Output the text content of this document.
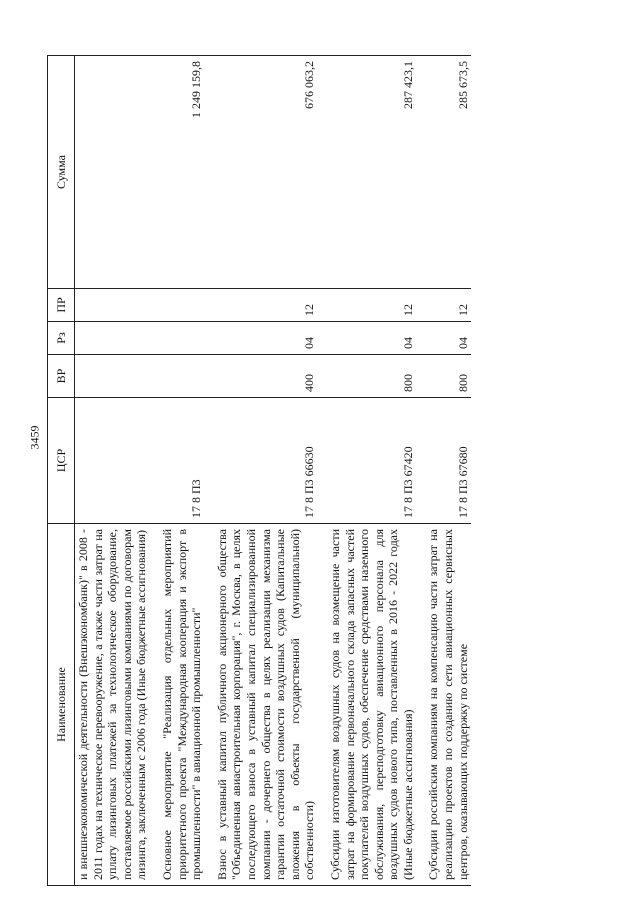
3459
Наименование	ЦСР	ВР	Рз	ПР	Сумма
и внешнеэкономической деятельности (Внешэкономбанк)" в 2008 - 2011 годах на техническое перевооружение, а также части затрат на уплату лизинговых платежей за технологическое оборудование, поставляемое российскими лизинговыми компаниями по договорам лизинга, заключенным с 2006 года (Иные бюджетные ассигнования)					

Основное мероприятие "Реализация отдельных мероприятий приоритетного проекта "Международная кооперация и экспорт в промышленности" в авиационной промышленности"	17 8 П3				1 249 159,8

Взнос в уставный капитал публичного акционерного общества "Объединенная авиастроительная корпорация", г. Москва, в целях последующего взноса в уставный капитал специализированной компании - дочернего общества в целях реализации механизма гарантии остаточной стоимости воздушных судов (Капитальные вложения в объекты государственной (муниципальной) собственности)	17 8 П3 66630	400	04	12	676 063,2

Субсидии изготовителям воздушных судов на возмещение части затрат на формирование первоначального склада запасных частей покупателей воздушных судов, обеспечение средствами наземного обслуживания, переподготовку авиационного персонала для воздушных судов нового типа, поставленных в 2016 - 2022 годах (Иные бюджетные ассигнования)	17 8 П3 67420	800	04	12	287 423,1

Субсидии российским компаниям на компенсацию части затрат на реализацию проектов по созданию сети авиационных сервисных центров, оказывающих поддержку по системе	17 8 П3 67680	800	04	12	285 673,5
